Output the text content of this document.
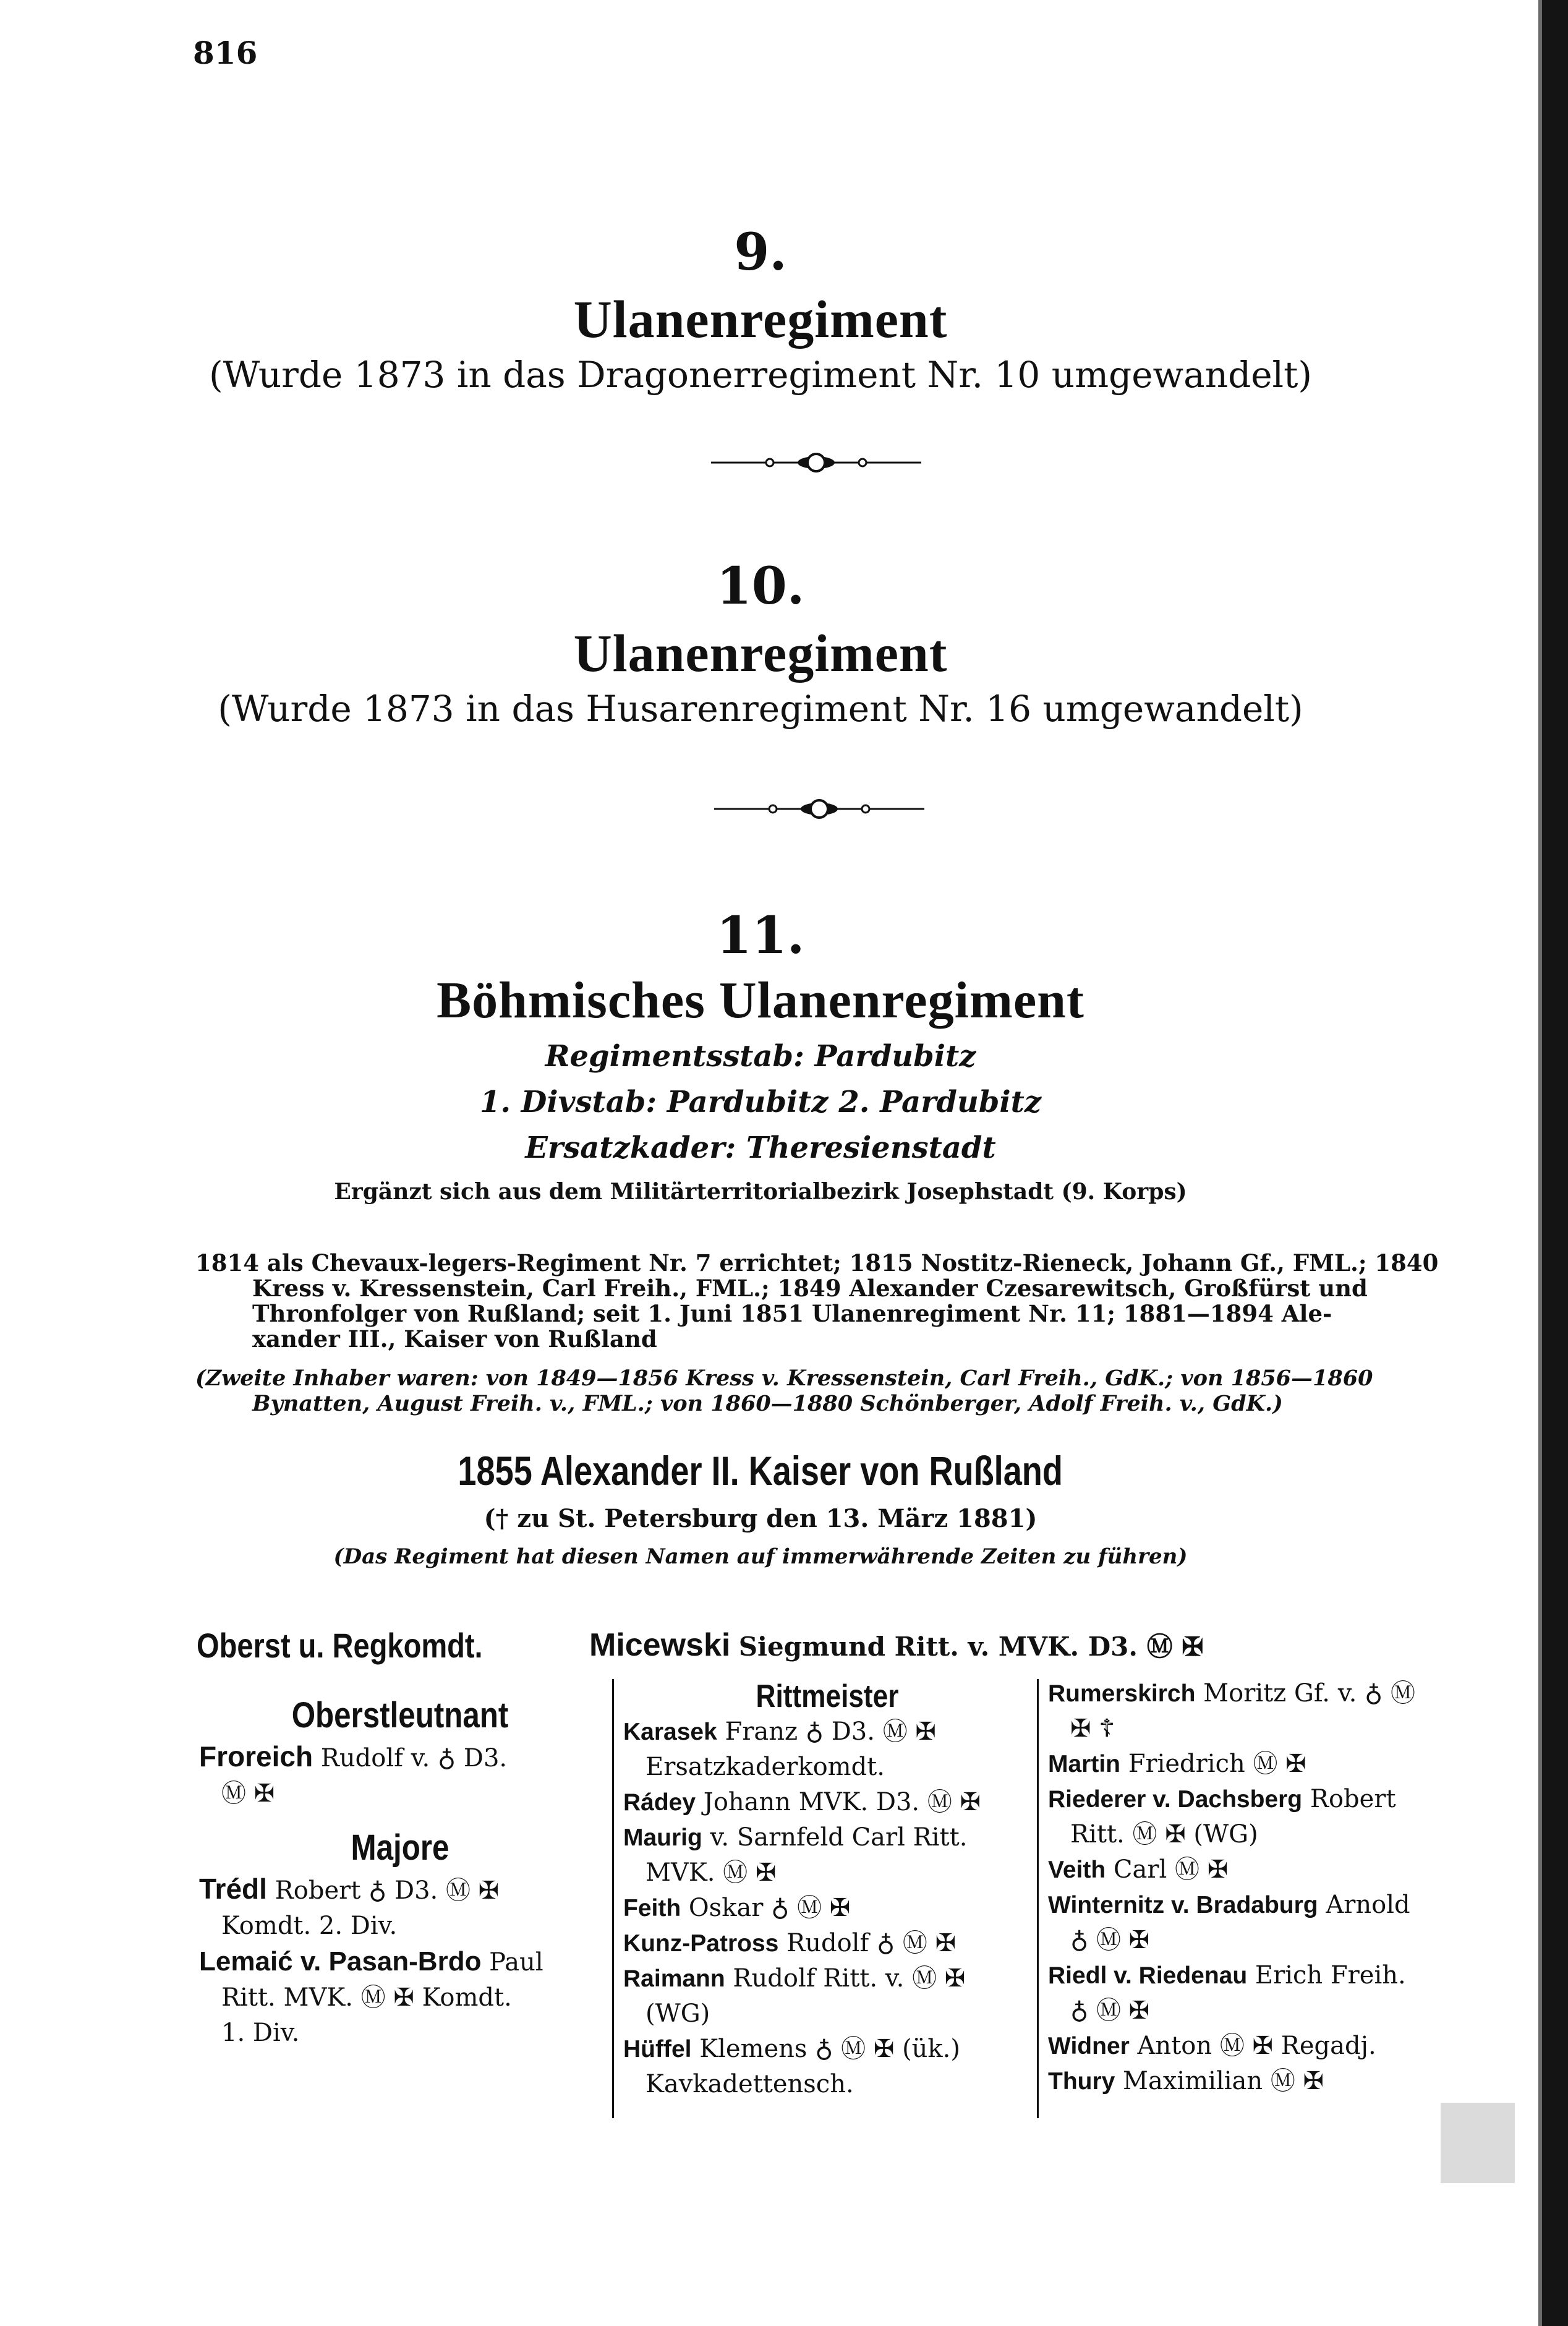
816
9.
Ulanenregiment
(Wurde 1873 in das Dragonerregiment Nr. 10 umgewandelt)
10.
Ulanenregiment
(Wurde 1873 in das Husarenregiment Nr. 16 umgewandelt)
11.
Böhmisches Ulanenregiment
Regimentsstab: Pardubitz
1. Divstab: Pardubitz 2. Pardubitz
Ersatzkader: Theresienstadt
Ergänzt sich aus dem Militärterritorialbezirk Josephstadt (9. Korps)
1814 als Chevaux-legers-Regiment Nr. 7 errichtet; 1815 Nostitz-Rieneck, Johann Gf., FML.; 1840
Kress v. Kressenstein, Carl Freih., FML.; 1849 Alexander Czesarewitsch, Großfürst und
Thronfolger von Rußland; seit 1. Juni 1851 Ulanenregiment Nr. 11; 1881—1894 Ale-
xander III., Kaiser von Rußland
(Zweite Inhaber waren: von 1849—1856 Kress v. Kressenstein, Carl Freih., GdK.; von 1856—1860
Bynatten, August Freih. v., FML.; von 1860—1880 Schönberger, Adolf Freih. v., GdK.)
1855 Alexander II. Kaiser von Rußland
(† zu St. Petersburg den 13. März 1881)
(Das Regiment hat diesen Namen auf immerwährende Zeiten zu führen)
Oberst u. Regkomdt.	Micewski Siegmund Ritt. v. MVK. D3. Ⓜ ✠
Oberstleutnant
Froreich Rudolf v. ♁ D3.
Ⓜ ✠
Majore
Trédl Robert ♁ D3. Ⓜ ✠
Komdt. 2. Div.
Lemaić v. Pasan-Brdo Paul
Ritt. MVK. Ⓜ ✠ Komdt.
1. Div.
Rittmeister
Karasek Franz ♁ D3. Ⓜ ✠
Ersatzkaderkomdt.
Rádey Johann MVK. D3. Ⓜ ✠
Maurig v. Sarnfeld Carl Ritt.
MVK. Ⓜ ✠
Feith Oskar ♁ Ⓜ ✠
Kunz-Patross Rudolf ♁ Ⓜ ✠
Raimann Rudolf Ritt. v. Ⓜ ✠
(WG)
Hüffel Klemens ♁ Ⓜ ✠ (ük.)
Kavkadettensch.
Rumerskirch Moritz Gf. v. ♁ Ⓜ
✠ ☦
Martin Friedrich Ⓜ ✠
Riederer v. Dachsberg Robert
Ritt. Ⓜ ✠ (WG)
Veith Carl Ⓜ ✠
Winternitz v. Bradaburg Arnold
♁ Ⓜ ✠
Riedl v. Riedenau Erich Freih.
♁ Ⓜ ✠
Widner Anton Ⓜ ✠ Regadj.
Thury Maximilian Ⓜ ✠
